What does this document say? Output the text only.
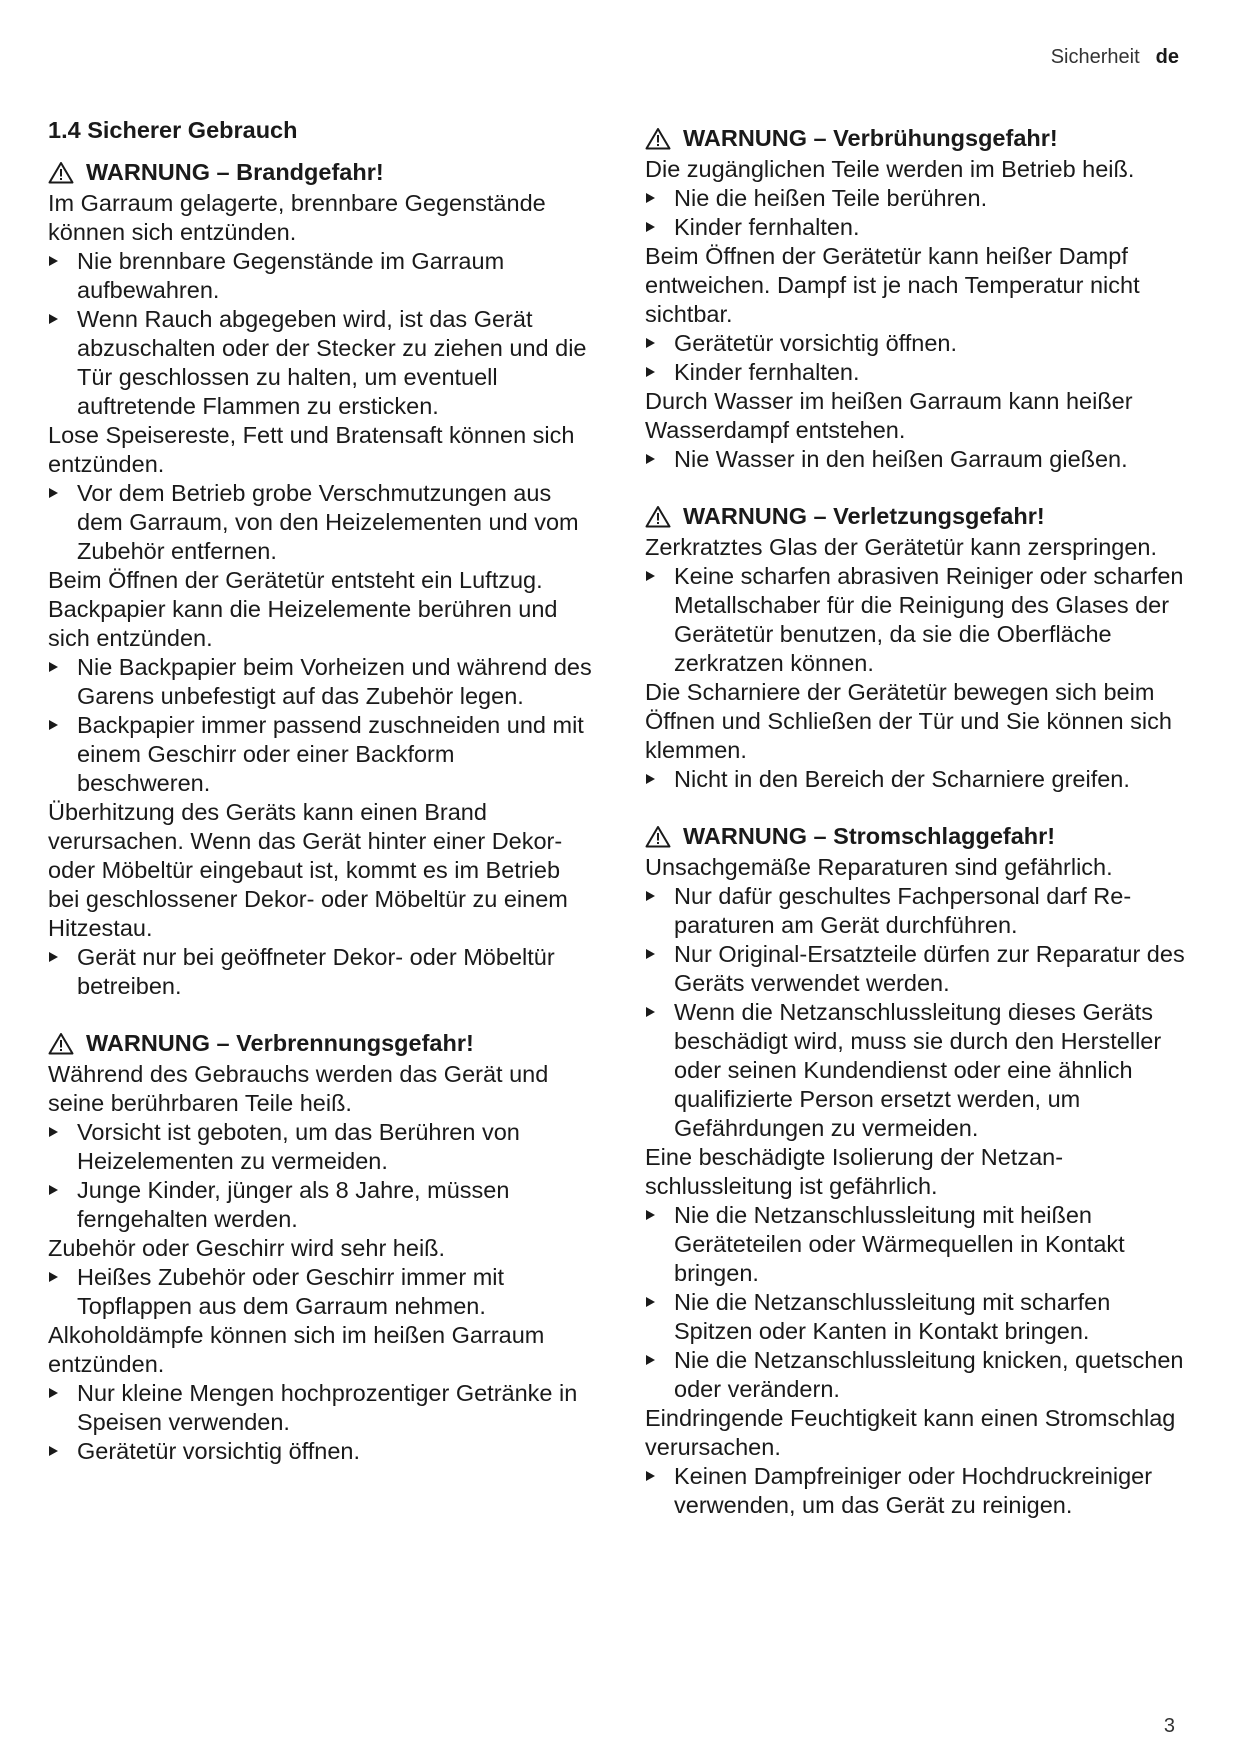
Sicherheit de
1.4 Sicherer Gebrauch
WARNUNG – Brandgefahr!
Im Garraum gelagerte, brennbare Gegenstände können sich entzünden.
Nie brennbare Gegenstände im Garraum aufbewahren.
Wenn Rauch abgegeben wird, ist das Gerät abzuschalten oder der Stecker zu ziehen und die Tür geschlossen zu halten, um eventuell auftretende Flammen zu ersticken.
Lose Speisereste, Fett und Bratensaft können sich entzünden.
Vor dem Betrieb grobe Verschmutzungen aus dem Garraum, von den Heizelementen und vom Zubehör entfernen.
Beim Öffnen der Gerätetür entsteht ein Luftzug. Backpapier kann die Heizelemente berühren und sich entzünden.
Nie Backpapier beim Vorheizen und während des Garens unbefestigt auf das Zubehör legen.
Backpapier immer passend zuschneiden und mit einem Geschirr oder einer Backform beschweren.
Überhitzung des Geräts kann einen Brand verursachen. Wenn das Gerät hinter einer Dekor- oder Möbeltür eingebaut ist, kommt es im Betrieb bei geschlossener Dekor- oder Möbeltür zu einem Hitzestau.
Gerät nur bei geöffneter Dekor- oder Möbeltür betreiben.
WARNUNG – Verbrennungsgefahr!
Während des Gebrauchs werden das Gerät und seine berührbaren Teile heiß.
Vorsicht ist geboten, um das Berühren von Heizelementen zu vermeiden.
Junge Kinder, jünger als 8 Jahre, müssen ferngehalten werden.
Zubehör oder Geschirr wird sehr heiß.
Heißes Zubehör oder Geschirr immer mit Topflappen aus dem Garraum nehmen.
Alkoholdämpfe können sich im heißen Garraum entzünden.
Nur kleine Mengen hochprozentiger Getränke in Speisen verwenden.
Gerätetür vorsichtig öffnen.
WARNUNG – Verbrühungsgefahr!
Die zugänglichen Teile werden im Betrieb heiß.
Nie die heißen Teile berühren.
Kinder fernhalten.
Beim Öffnen der Gerätetür kann heißer Dampf entweichen. Dampf ist je nach Temperatur nicht sichtbar.
Gerätetür vorsichtig öffnen.
Kinder fernhalten.
Durch Wasser im heißen Garraum kann heißer Wasserdampf entstehen.
Nie Wasser in den heißen Garraum gießen.
WARNUNG – Verletzungsgefahr!
Zerkratztes Glas der Gerätetür kann zerspringen.
Keine scharfen abrasiven Reiniger oder scharfen Metallschaber für die Reinigung des Glases der Gerätetür benutzen, da sie die Oberfläche zerkratzen können.
Die Scharniere der Gerätetür bewegen sich beim Öffnen und Schließen der Tür und Sie können sich klemmen.
Nicht in den Bereich der Scharniere greifen.
WARNUNG – Stromschlaggefahr!
Unsachgemäße Reparaturen sind gefährlich.
Nur dafür geschultes Fachpersonal darf Reparaturen am Gerät durchführen.
Nur Original-Ersatzteile dürfen zur Reparatur des Geräts verwendet werden.
Wenn die Netzanschlussleitung dieses Geräts beschädigt wird, muss sie durch den Hersteller oder seinen Kundendienst oder eine ähnlich qualifizierte Person ersetzt werden, um Gefährdungen zu vermeiden.
Eine beschädigte Isolierung der Netzanschlussleitung ist gefährlich.
Nie die Netzanschlussleitung mit heißen Geräteteilen oder Wärmequellen in Kontakt bringen.
Nie die Netzanschlussleitung mit scharfen Spitzen oder Kanten in Kontakt bringen.
Nie die Netzanschlussleitung knicken, quetschen oder verändern.
Eindringende Feuchtigkeit kann einen Stromschlag verursachen.
Keinen Dampfreiniger oder Hochdruckreiniger verwenden, um das Gerät zu reinigen.
3
